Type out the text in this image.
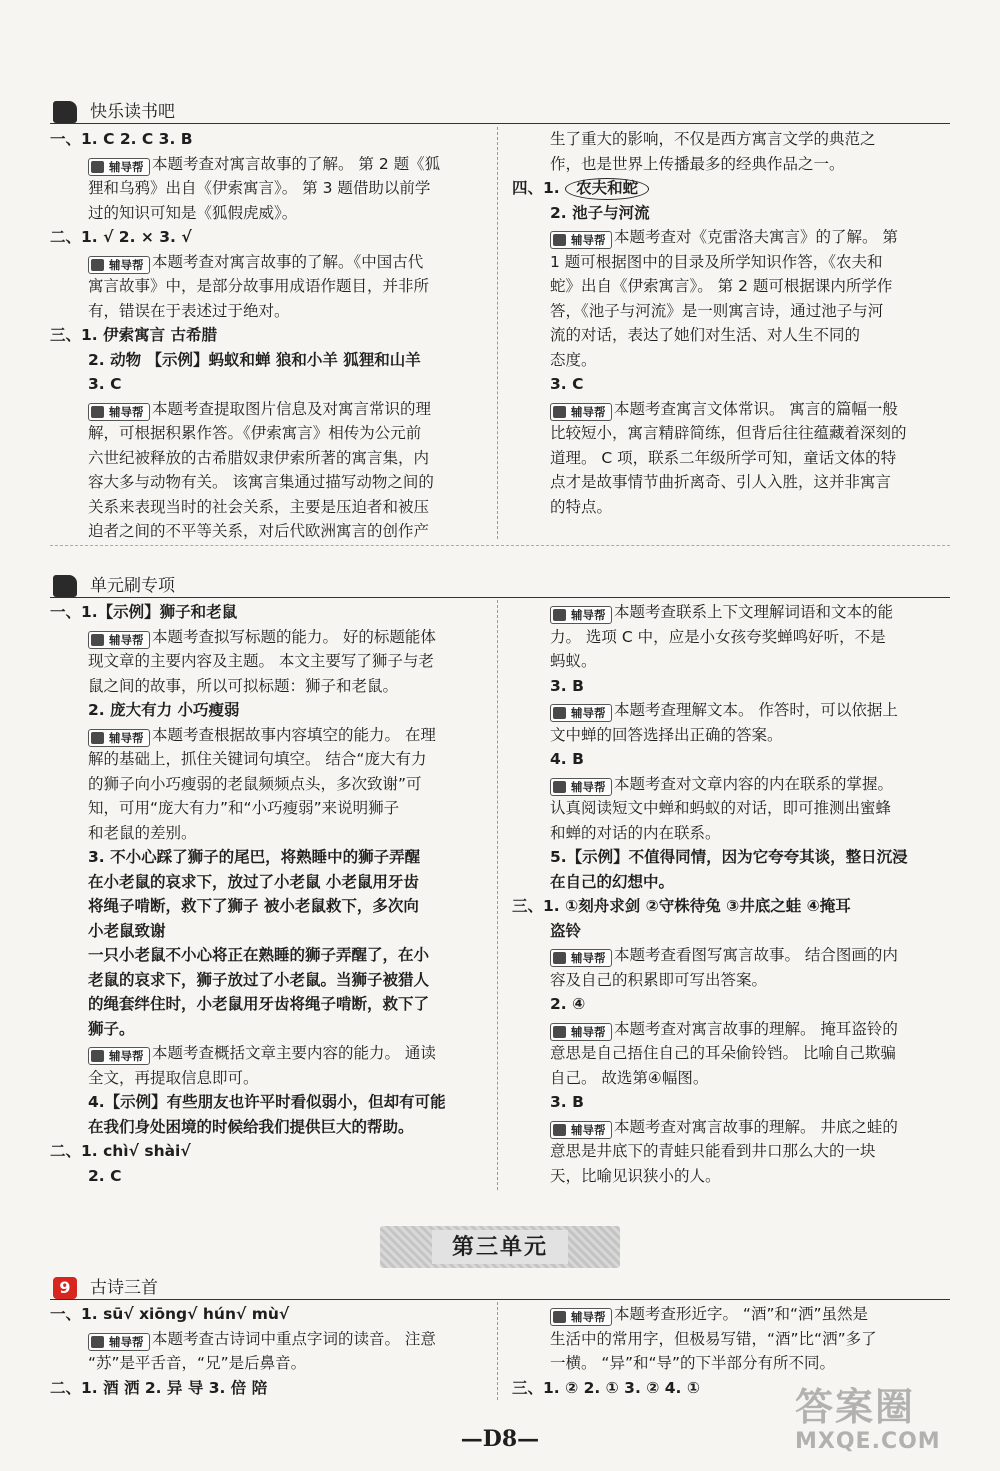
快乐读书吧
一、1. C 2. C 3. B
辅导帮 本题考查对寓言故事的了解。 第 2 题《狐
狸和乌鸦》出自《伊索寓言》。 第 3 题借助以前学
过的知识可知是《狐假虎威》。
二、1. √ 2. × 3. √
辅导帮 本题考查对寓言故事的了解。《中国古代
寓言故事》中，是部分故事用成语作题目，并非所
有，错误在于表述过于绝对。
三、1. 伊索寓言 古希腊
2. 动物 【示例】蚂蚁和蝉 狼和小羊 狐狸和山羊
3. C
辅导帮 本题考查提取图片信息及对寓言常识的理
解，可根据积累作答。《伊索寓言》相传为公元前
六世纪被释放的古希腊奴隶伊索所著的寓言集，内
容大多与动物有关。 该寓言集通过描写动物之间的
关系来表现当时的社会关系，主要是压迫者和被压
迫者之间的不平等关系，对后代欧洲寓言的创作产
生了重大的影响，不仅是西方寓言文学的典范之
作，也是世界上传播最多的经典作品之一。
四、1. 农夫和蛇
2. 池子与河流
辅导帮 本题考查对《克雷洛夫寓言》的了解。 第
1 题可根据图中的目录及所学知识作答，《农夫和
蛇》出自《伊索寓言》。 第 2 题可根据课内所学作
答，《池子与河流》是一则寓言诗，通过池子与河
流的对话，表达了她们对生活、对人生不同的
态度。
3. C
辅导帮 本题考查寓言文体常识。 寓言的篇幅一般
比较短小，寓言精辟简练，但背后往往蕴藏着深刻的
道理。 C 项，联系二年级所学可知，童话文体的特
点才是故事情节曲折离奇、引人入胜，这并非寓言
的特点。
单元刷专项
一、1.【示例】狮子和老鼠
辅导帮 本题考查拟写标题的能力。 好的标题能体
现文章的主要内容及主题。 本文主要写了狮子与老
鼠之间的故事，所以可拟标题：狮子和老鼠。
2. 庞大有力 小巧瘦弱
辅导帮 本题考查根据故事内容填空的能力。 在理
解的基础上，抓住关键词句填空。 结合“庞大有力
的狮子向小巧瘦弱的老鼠频频点头，多次致谢”可
知，可用“庞大有力”和“小巧瘦弱”来说明狮子
和老鼠的差别。
3. 不小心踩了狮子的尾巴，将熟睡中的狮子弄醒
在小老鼠的哀求下，放过了小老鼠 小老鼠用牙齿
将绳子啃断，救下了狮子 被小老鼠救下，多次向
小老鼠致谢
一只小老鼠不小心将正在熟睡的狮子弄醒了，在小
老鼠的哀求下，狮子放过了小老鼠。当狮子被猎人
的绳套绊住时，小老鼠用牙齿将绳子啃断，救下了
狮子。
辅导帮 本题考查概括文章主要内容的能力。 通读
全文，再提取信息即可。
4.【示例】有些朋友也许平时看似弱小，但却有可能
在我们身处困境的时候给我们提供巨大的帮助。
二、1. chì√ shài√
2. C
辅导帮 本题考查联系上下文理解词语和文本的能
力。 选项 C 中，应是小女孩夸奖蝉鸣好听，不是
蚂蚁。
3. B
辅导帮 本题考查理解文本。 作答时，可以依据上
文中蝉的回答选择出正确的答案。
4. B
辅导帮 本题考查对文章内容的内在联系的掌握。
认真阅读短文中蝉和蚂蚁的对话，即可推测出蜜蜂
和蝉的对话的内在联系。
5.【示例】不值得同情，因为它夸夸其谈，整日沉浸
在自己的幻想中。
三、1. ①刻舟求剑 ②守株待兔 ③井底之蛙 ④掩耳
盗铃
辅导帮 本题考查看图写寓言故事。 结合图画的内
容及自己的积累即可写出答案。
2. ④
辅导帮 本题考查对寓言故事的理解。 掩耳盗铃的
意思是自己捂住自己的耳朵偷铃铛。 比喻自己欺骗
自己。 故选第④幅图。
3. B
辅导帮 本题考查对寓言故事的理解。 井底之蛙的
意思是井底下的青蛙只能看到井口那么大的一块
天，比喻见识狭小的人。
第三单元
9	古诗三首
一、1. sū√ xiōng√ hún√ mù√
辅导帮 本题考查古诗词中重点字词的读音。 注意
“苏”是平舌音，“兄”是后鼻音。
二、1. 酒 洒 2. 异 导 3. 倍 陪
辅导帮 本题考查形近字。 “酒”和“洒”虽然是
生活中的常用字，但极易写错，“酒”比“洒”多了
一横。 “异”和“导”的下半部分有所不同。
三、1. ② 2. ① 3. ② 4. ①
—D8—
答案圈
MXQE.COM
